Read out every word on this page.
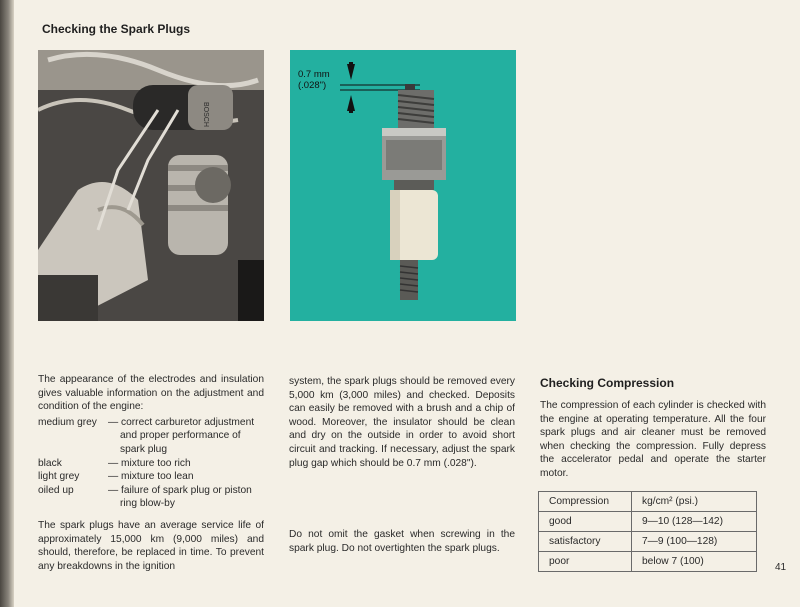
Checking the Spark Plugs
BOSCH
0.7 mm
(.028")

The appearance of the electrodes and insulation gives valuable information on the adjustment and condition of the engine:

medium grey	— correct carburetor adjustment and proper performance of spark plug
black	— mixture too rich
light grey	— mixture too lean
oiled up	— failure of spark plug or piston ring blow-by

The spark plugs have an average service life of approximately 15,000 km (9,000 miles) and should, therefore, be replaced in time. To prevent any breakdowns in the ignition

system, the spark plugs should be removed every 5,000 km (3,000 miles) and checked. Deposits can easily be removed with a brush and a chip of wood. Moreover, the insulator should be clean and dry on the outside in order to avoid short circuit and tracking. If necessary, adjust the spark plug gap which should be 0.7 mm (.028").

Do not omit the gasket when screwing in the spark plug. Do not overtighten the spark plugs.

Checking Compression

The compression of each cylinder is checked with the engine at operating temperature. All the four spark plugs and air cleaner must be removed when checking the compression. Fully depress the accelerator pedal and operate the starter motor.

Compression	kg/cm² (psi.)
good	9—10 (128—142)
satisfactory	7—9 (100—128)
poor	below 7 (100)
41
